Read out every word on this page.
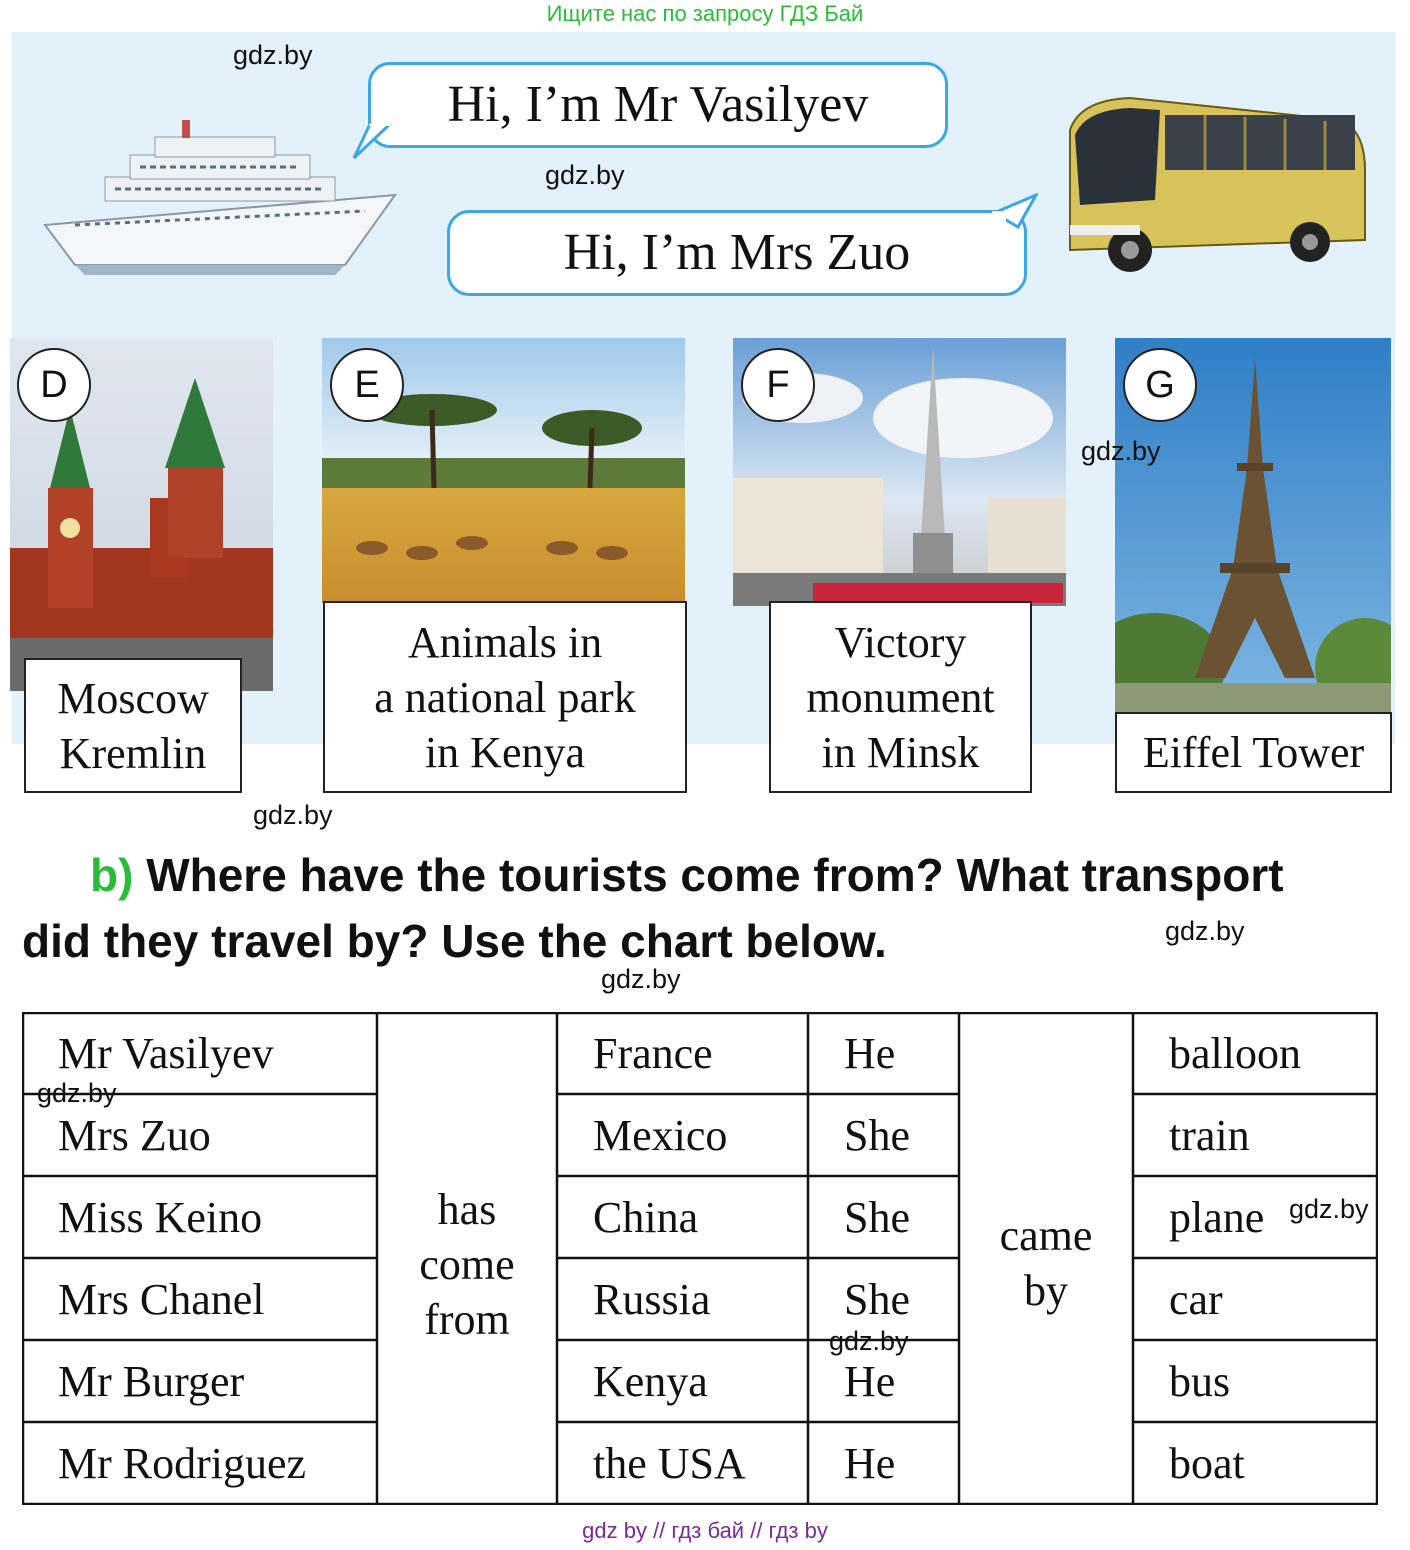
Ищите нас по запросу ГДЗ Бай
Hi, I’m Mr Vasilyev
Hi, I’m Mrs Zuo
gdz.by
gdz.by
D
Moscow
Kremlin
E
Animals in
a national park
in Kenya
F
Victory
monument
in Minsk
G
Eiffel Tower
gdz.by
gdz.by
b) Where have the tourists come from? What transport
did they travel by? Use the chart below.	gdz.by
gdz.by
Mr Vasilyev
Mrs Zuo
Miss Keino
Mrs Chanel
Mr Burger
Mr Rodriguez
France
Mexico
China
Russia
Kenya
the USA
He
She
She
She
He
He
balloon
train
plane
car
bus
boat
has
come
from
came
by
gdz.by
gdz.by
gdz.by
gdz by // гдз бай // гдз by
